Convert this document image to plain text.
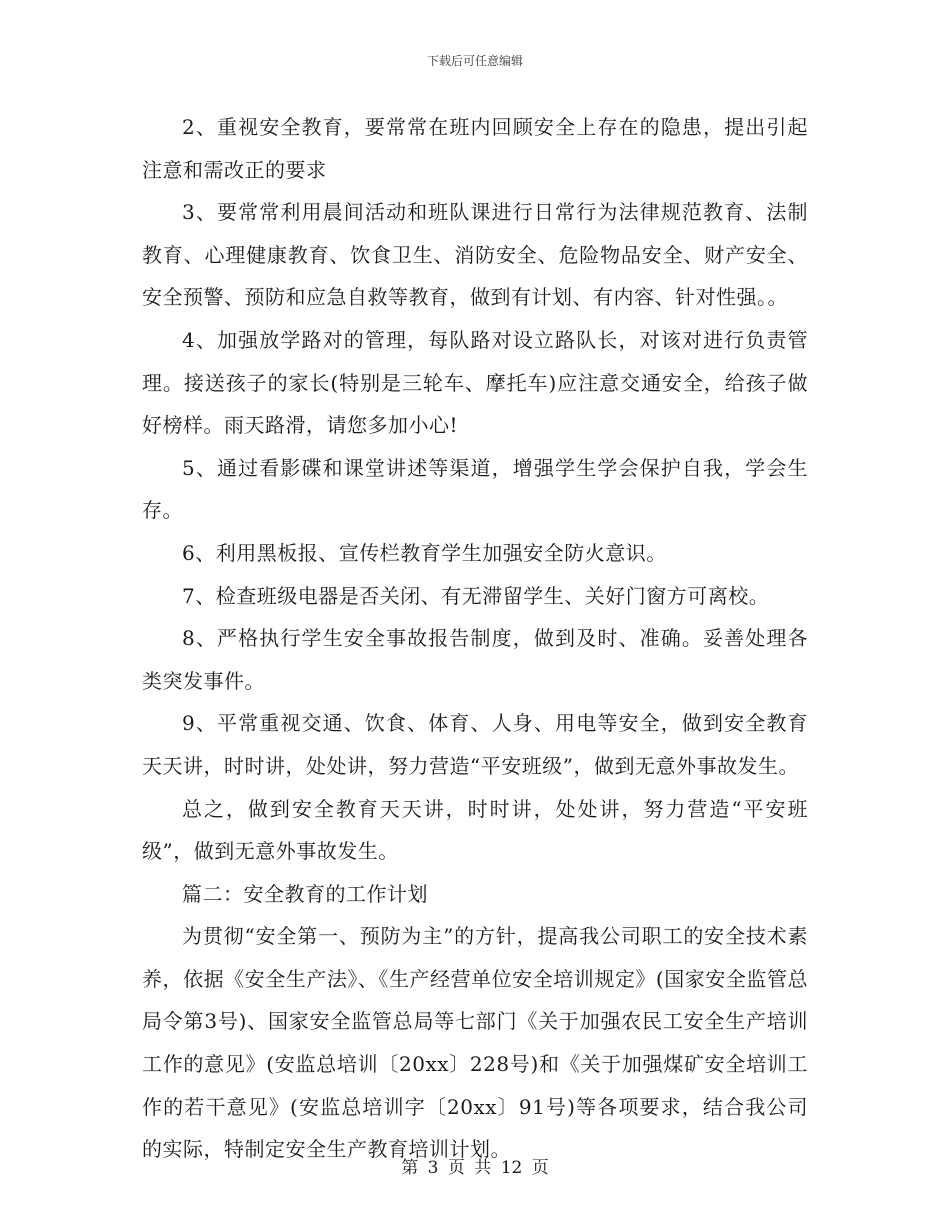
下载后可任意编辑

2、重视安全教育，要常常在班内回顾安全上存在的隐患，提出引起注意和需改正的要求

3、要常常利用晨间活动和班队课进行日常行为法律规范教育、法制教育、心理健康教育、饮食卫生、消防安全、危险物品安全、财产安全、安全预警、预防和应急自救等教育，做到有计划、有内容、针对性强。。

4、加强放学路对的管理，每队路对设立路队长，对该对进行负责管理。接送孩子的家长(特别是三轮车、摩托车)应注意交通安全，给孩子做好榜样。雨天路滑，请您多加小心!

5、通过看影碟和课堂讲述等渠道，增强学生学会保护自我，学会生存。

6、利用黑板报、宣传栏教育学生加强安全防火意识。

7、检查班级电器是否关闭、有无滞留学生、关好门窗方可离校。

8、严格执行学生安全事故报告制度，做到及时、准确。妥善处理各类突发事件。

9、平常重视交通、饮食、体育、人身、用电等安全，做到安全教育天天讲，时时讲，处处讲，努力营造“平安班级”，做到无意外事故发生。

总之，做到安全教育天天讲，时时讲，处处讲，努力营造“平安班级”，做到无意外事故发生。

篇二：安全教育的工作计划

为贯彻“安全第一、预防为主”的方针，提高我公司职工的安全技术素养，依据《安全生产法》、《生产经营单位安全培训规定》(国家安全监管总局令第3号)、国家安全监管总局等七部门《关于加强农民工安全生产培训工作的意见》(安监总培训〔20xx〕228号)和《关于加强煤矿安全培训工作的若干意见》(安监总培训字〔20xx〕91号)等各项要求，结合我公司的实际，特制定安全生产教育培训计划。

第 3 页 共 12 页
